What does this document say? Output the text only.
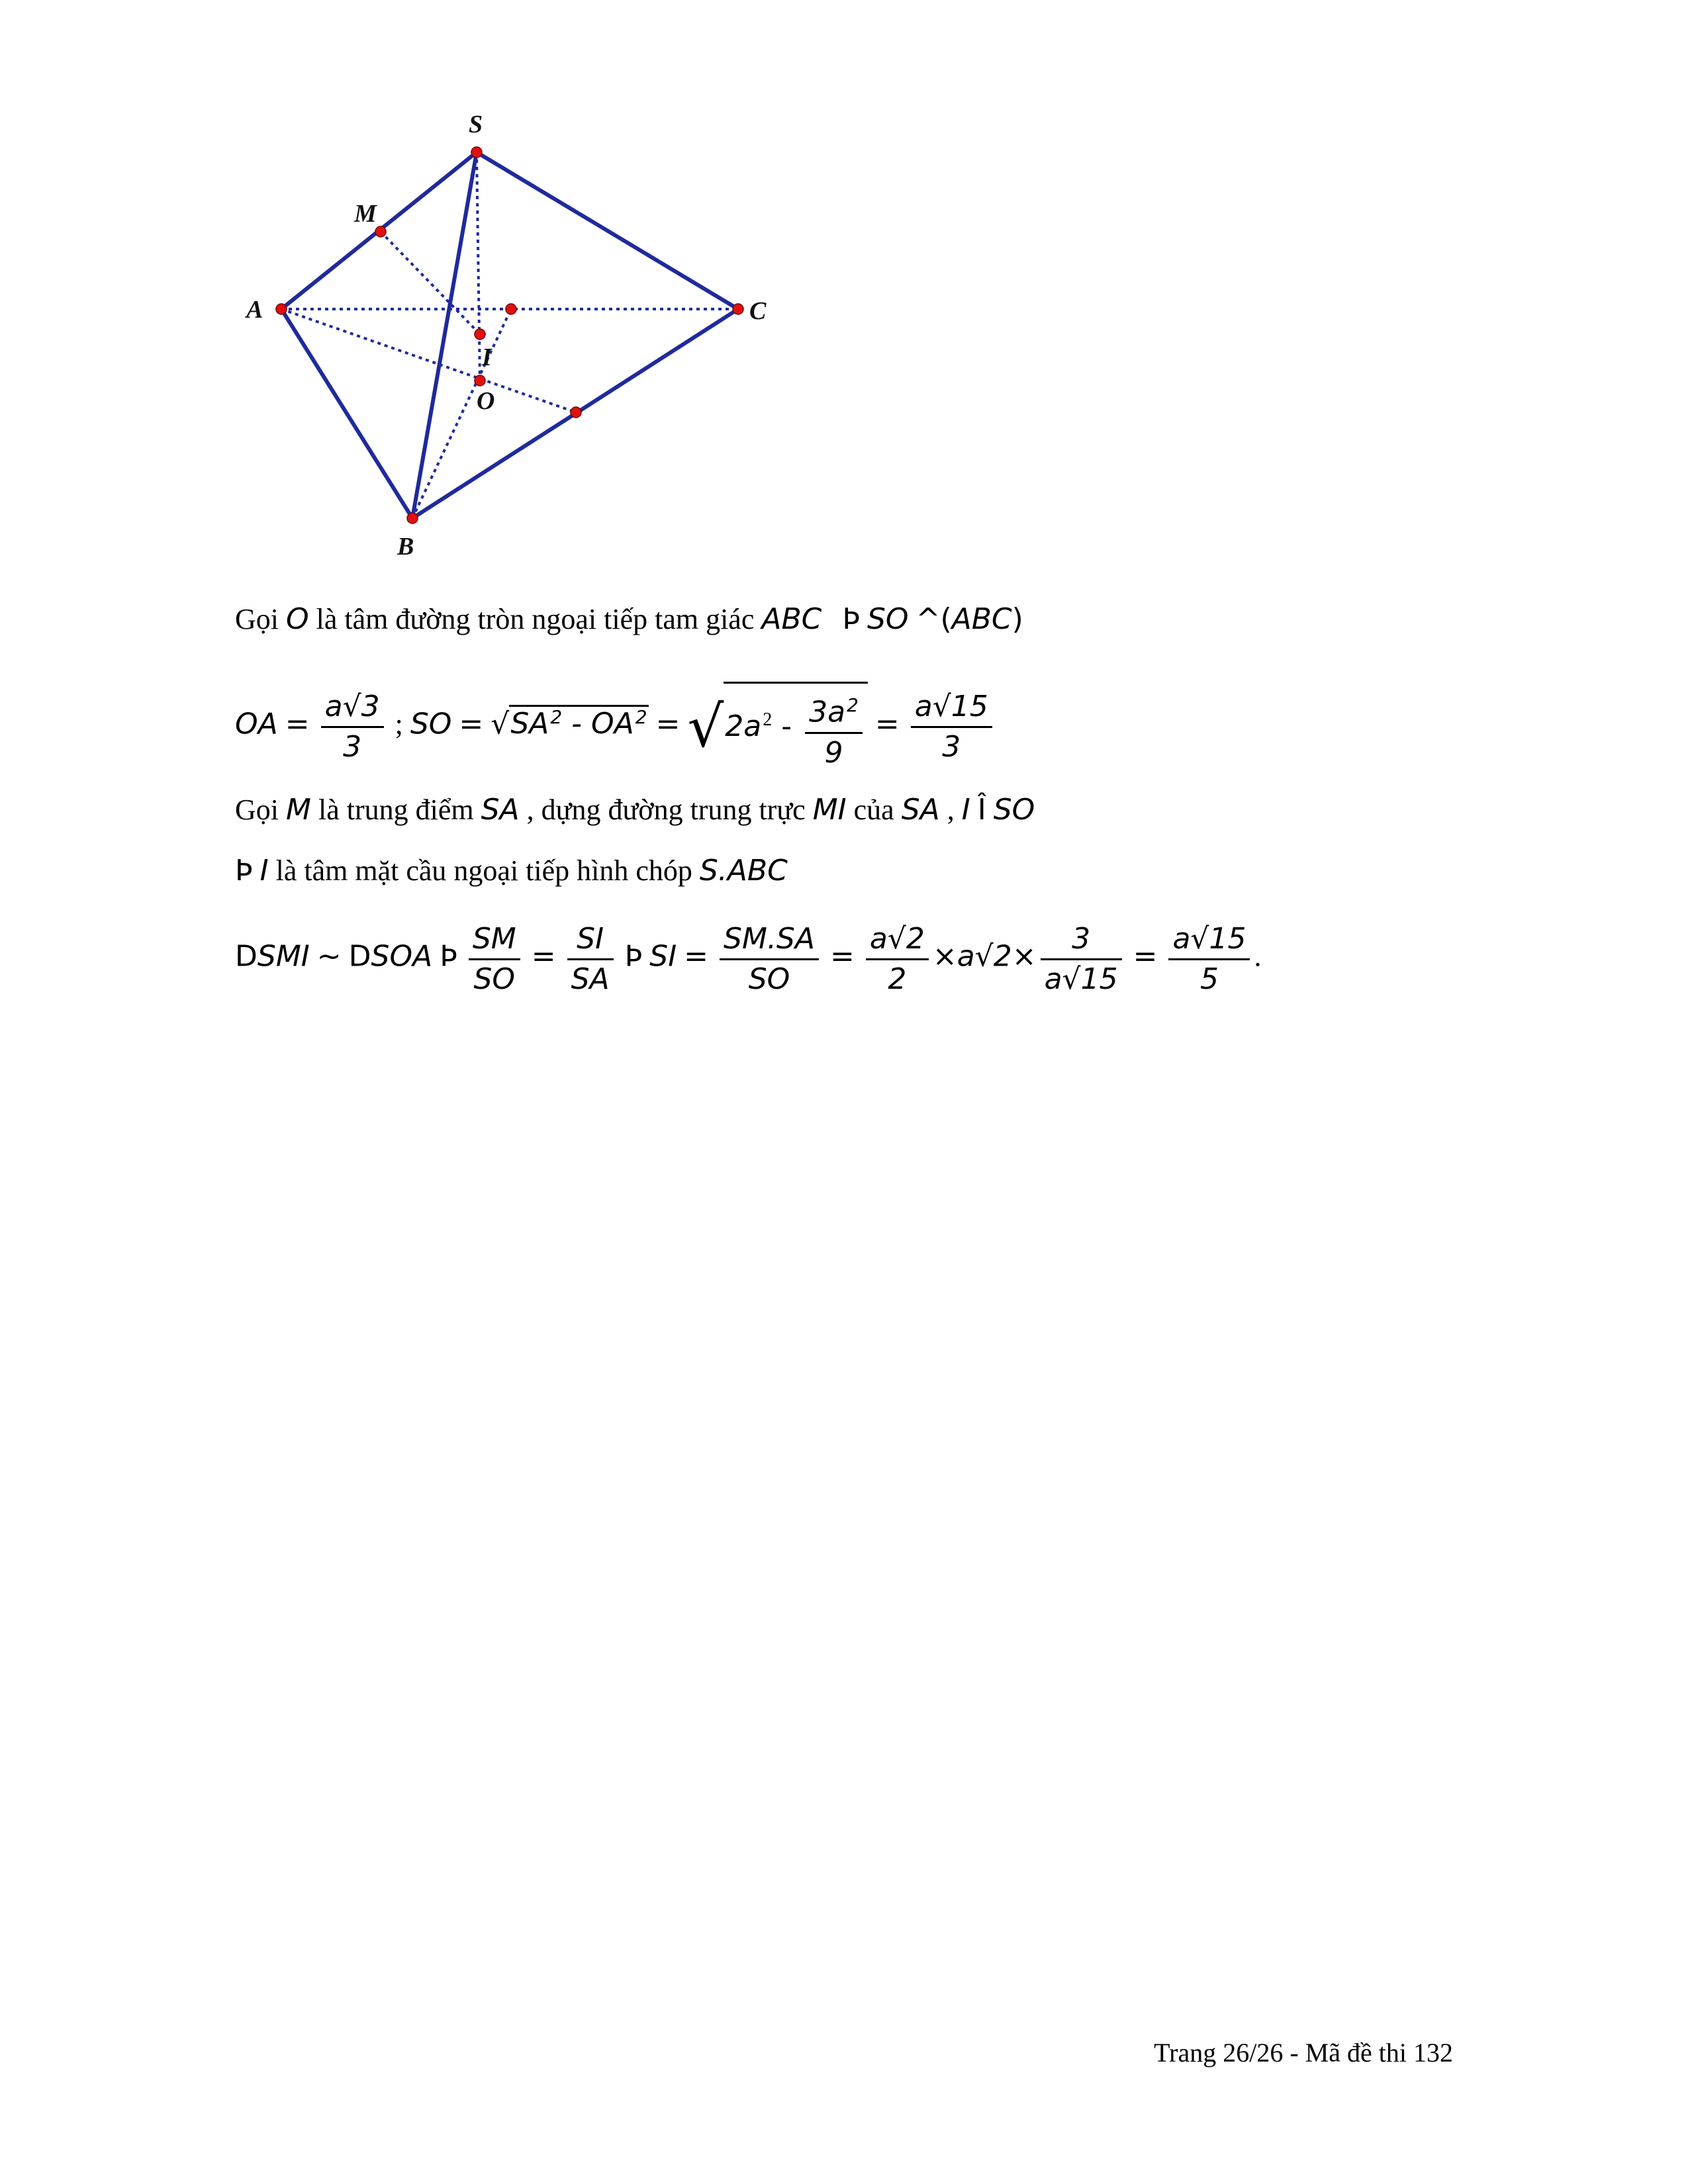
S
M
A	C
I
O
B
Gọi O là tâm đường tròn ngoại tiếp tam giác ABC Þ SO ^(ABC)
OA = $\frac{a√3}{3}$ ; SO = $√SA^2 - OA^2 = √2a^2 - \frac{3a^2}{9} = \frac{a√15}{3}$
Gọi M là trung điểm SA , dựng đường trung trực MI của SA , I Î SO
Þ I là tâm mặt cầu ngoại tiếp hình chóp S.ABC
DSMI ~ DSOA Þ $\frac{SM}{SO} = \frac{SI}{SA}$ Þ SI = $\frac{SM.SA}{SO} = \frac{a√2}{2} \times a√2\times \frac{3}{a√15} = \frac{a√15}{5}$ .
Trang 26/26 - Mã đề thi 132
